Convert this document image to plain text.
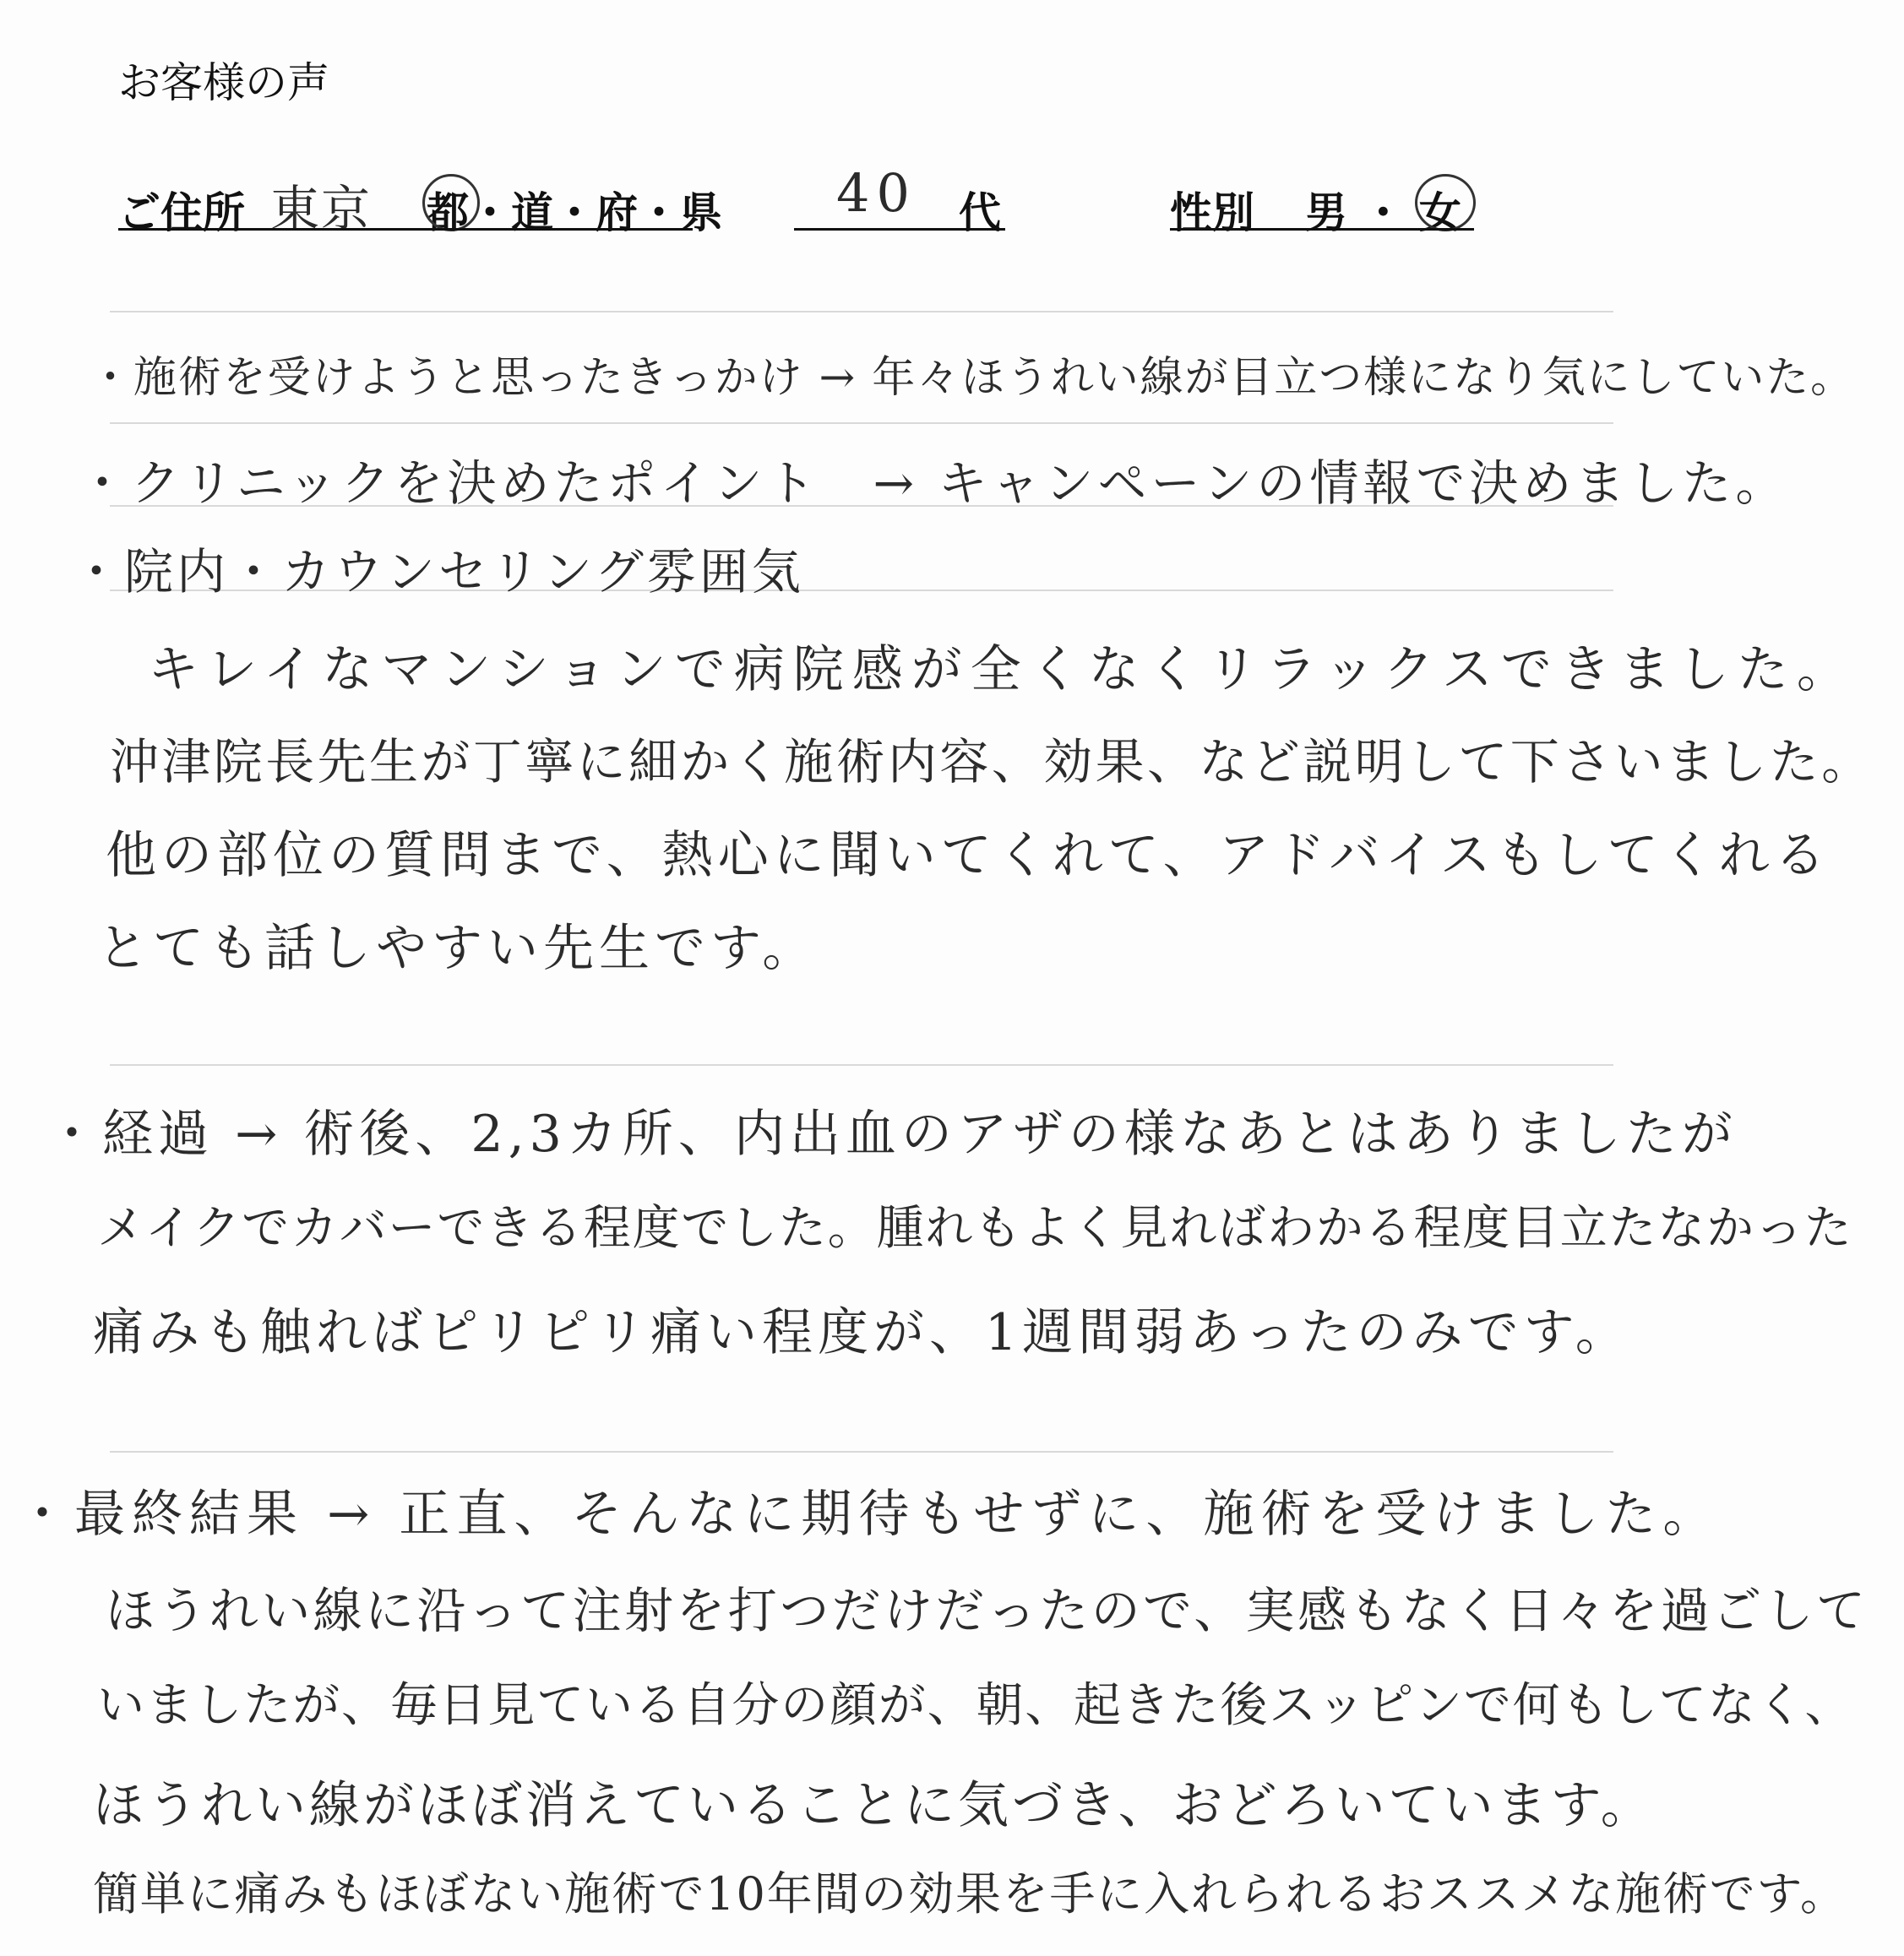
お客様の声
ご住所 東京 都・道・府・県 40 代	性別 男 ・ 女
・施術を受けようと思ったきっかけ → 年々ほうれい線が目立つ様になり気にしていた。
・クリニックを決めたポイント　→ キャンペーンの情報で決めました。
・院内・カウンセリング雰囲気
キレイなマンションで病院感が全くなくリラックスできました。
沖津院長先生が丁寧に細かく施術内容、効果、など説明して下さいました。
他の部位の質問まで、熱心に聞いてくれて、アドバイスもしてくれる
とても話しやすい先生です。
・経過 → 術後、2,3カ所、内出血のアザの様なあとはありましたが
メイクでカバーできる程度でした。腫れもよく見ればわかる程度目立たなかった
痛みも触ればピリピリ痛い程度が、1週間弱あったのみです。
・最終結果 → 正直、そんなに期待もせずに、施術を受けました。
ほうれい線に沿って注射を打つだけだったので、実感もなく日々を過ごして
いましたが、毎日見ている自分の顔が、朝、起きた後スッピンで何もしてなく、
ほうれい線がほぼ消えていることに気づき、おどろいています。
簡単に痛みもほぼない施術で10年間の効果を手に入れられるおススメな施術です。
